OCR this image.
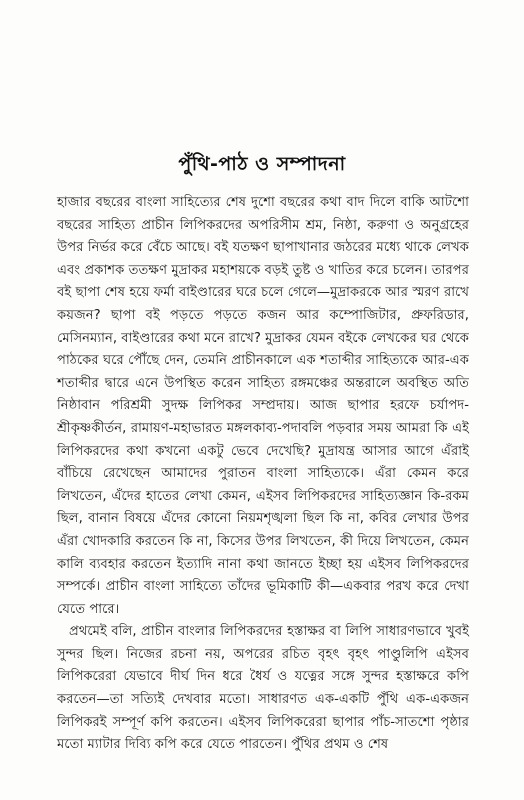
পুঁথি-পাঠ ও সম্পাদনা

হাজার বছরের বাংলা সাহিত্যের শেষ দুশো বছরের কথা বাদ দিলে বাকি আটশো বছরের সাহিত্য প্রাচীন লিপিকরদের অপরিসীম শ্রম, নিষ্ঠা, করুণা ও অনুগ্রহের উপর নির্ভর করে বেঁচে আছে। বই যতক্ষণ ছাপাখানার জঠরের মধ্যে থাকে লেখক এবং প্রকাশক ততক্ষণ মুদ্রাকর মহাশয়কে বড়ই তুষ্ট ও খাতির করে চলেন। তারপর বই ছাপা শেষ হয়ে ফর্মা বাইণ্ডারের ঘরে চলে গেলে—মুদ্রাকরকে আর স্মরণ রাখে কয়জন? ছাপা বই পড়তে পড়তে কজন আর কম্পোজিটার, প্রুফরিডার, মেসিনম্যান, বাইণ্ডারের কথা মনে রাখে? মুদ্রাকর যেমন বইকে লেখকের ঘর থেকে পাঠকের ঘরে পৌঁছে দেন, তেমনি প্রাচীনকালে এক শতাব্দীর সাহিত্যকে আর-এক শতাব্দীর দ্বারে এনে উপস্থিত করেন সাহিত্য রঙ্গমঞ্চের অন্তরালে অবস্থিত অতি নিষ্ঠাবান পরিশ্রমী সুদক্ষ লিপিকর সম্প্রদায়। আজ ছাপার হরফে চর্যাপদ-শ্রীকৃষ্ণকীর্তন, রামায়ণ-মহাভারত মঙ্গলকাব্য-পদাবলি পড়বার সময় আমরা কি এই লিপিকরদের কথা কখনো একটু ভেবে দেখেছি? মুদ্রাযন্ত্র আসার আগে এঁরাই বাঁচিয়ে রেখেছেন আমাদের পুরাতন বাংলা সাহিত্যকে। এঁরা কেমন করে লিখতেন, এঁদের হাতের লেখা কেমন, এইসব লিপিকরদের সাহিত্যজ্ঞান কি-রকম ছিল, বানান বিষয়ে এঁদের কোনো নিয়মশৃঙ্খলা ছিল কি না, কবির লেখার উপর এঁরা খোদকারি করতেন কি না, কিসের উপর লিখতেন, কী দিয়ে লিখতেন, কেমন কালি ব্যবহার করতেন ইত্যাদি নানা কথা জানতে ইচ্ছা হয় এইসব লিপিকরদের সম্পর্কে। প্রাচীন বাংলা সাহিত্যে তাঁদের ভূমিকাটি কী—একবার পরখ করে দেখা যেতে পারে।

প্রথমেই বলি, প্রাচীন বাংলার লিপিকরদের হস্তাক্ষর বা লিপি সাধারণভাবে খুবই সুন্দর ছিল। নিজের রচনা নয়, অপরের রচিত বৃহৎ বৃহৎ পাণ্ডুলিপি এইসব লিপিকরেরা যেভাবে দীর্ঘ দিন ধরে ধৈর্য ও যত্নের সঙ্গে সুন্দর হস্তাক্ষরে কপি করতেন—তা সত্যিই দেখবার মতো। সাধারণত এক-একটি পুঁথি এক-একজন লিপিকরই সম্পূর্ণ কপি করতেন। এইসব লিপিকরেরা ছাপার পাঁচ-সাতশো পৃষ্ঠার মতো ম্যাটার দিব্যি কপি করে যেতে পারতেন। পুঁথির প্রথম ও শেষ
